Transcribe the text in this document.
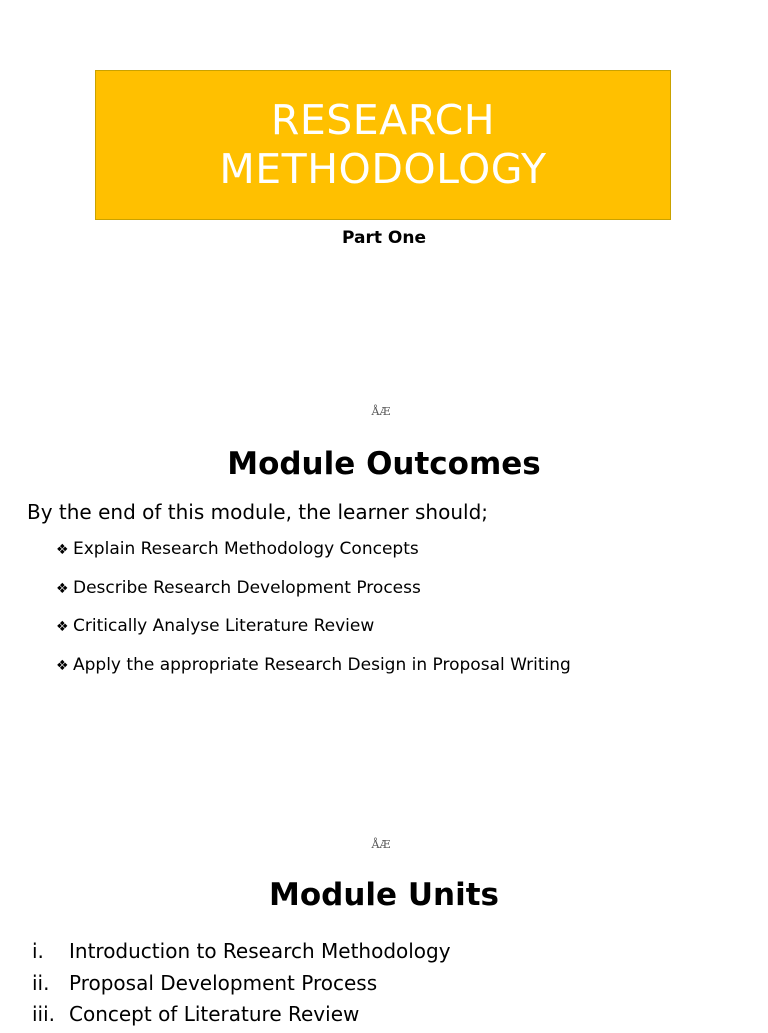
RESEARCH
METHODOLOGY
Part One
ÅÆ
Module Outcomes
By the end of this module, the learner should;
❖ Explain Research Methodology Concepts
❖ Describe Research Development Process
❖ Critically Analyse Literature Review
❖ Apply the appropriate Research Design in Proposal Writing
ÅÆ
Module Units
i. Introduction to Research Methodology
ii. Proposal Development Process
iii. Concept of Literature Review
